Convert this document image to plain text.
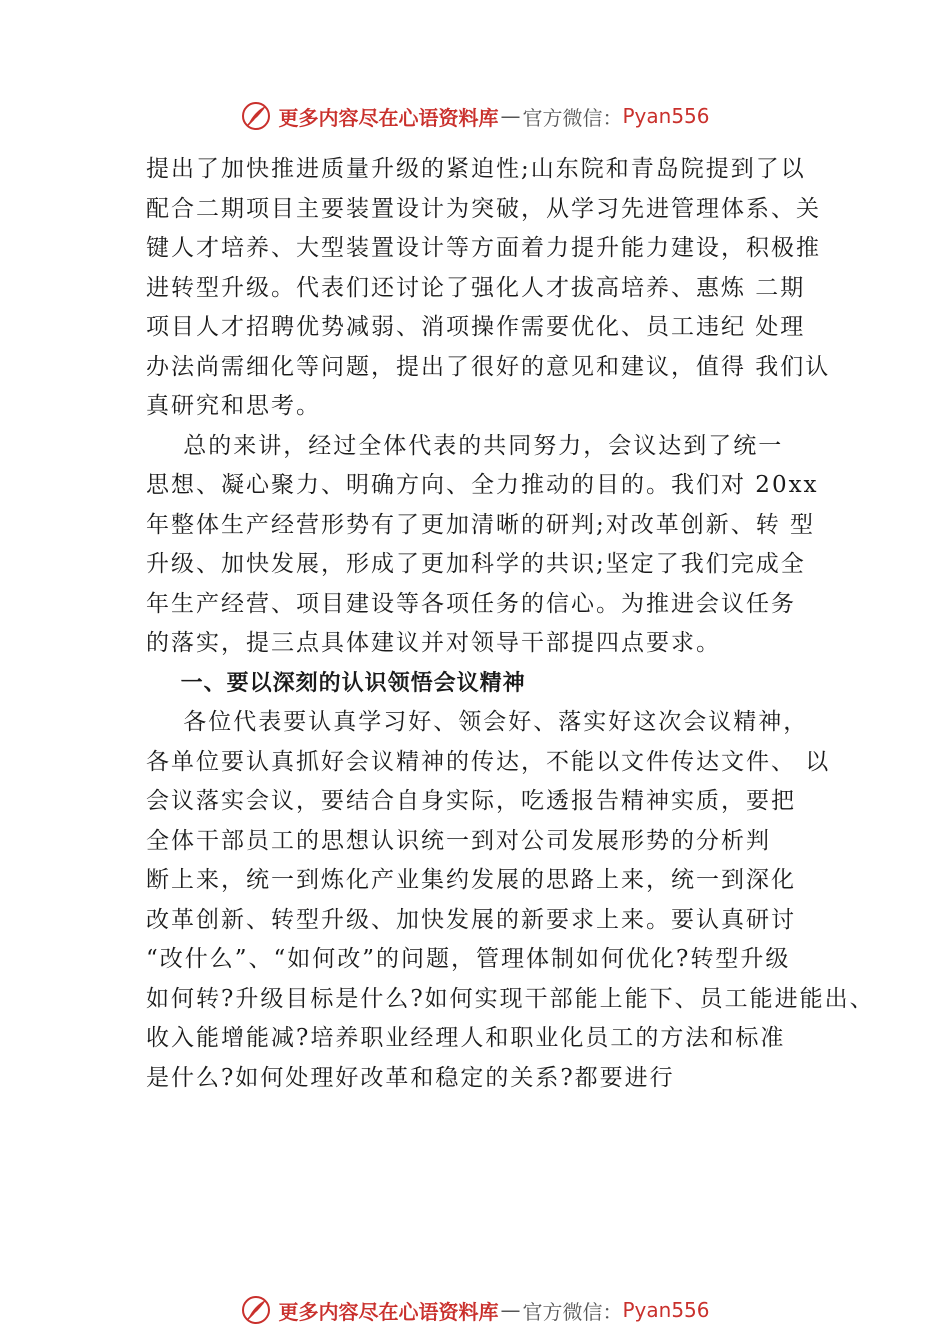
更多内容尽在心语资料库 — 官方微信： Pyan556
提出了加快推进质量升级的紧迫性;山东院和青岛院提到了以
配合二期项目主要装置设计为突破，从学习先进管理体系、关
键人才培养、大型装置设计等方面着力提升能力建设，积极推
进转型升级。代表们还讨论了强化人才拔高培养、惠炼 二期
项目人才招聘优势减弱、消项操作需要优化、员工违纪 处理
办法尚需细化等问题，提出了很好的意见和建议，值得 我们认
真研究和思考。
总的来讲，经过全体代表的共同努力，会议达到了统一
思想、凝心聚力、明确方向、全力推动的目的。我们对 20xx
年整体生产经营形势有了更加清晰的研判;对改革创新、转 型
升级、加快发展，形成了更加科学的共识;坚定了我们完成全
年生产经营、项目建设等各项任务的信心。为推进会议任务
的落实，提三点具体建议并对领导干部提四点要求。
一、要以深刻的认识领悟会议精神
各位代表要认真学习好、领会好、落实好这次会议精神，
各单位要认真抓好会议精神的传达，不能以文件传达文件、 以
会议落实会议，要结合自身实际，吃透报告精神实质，要把
全体干部员工的思想认识统一到对公司发展形势的分析判
断上来，统一到炼化产业集约发展的思路上来，统一到深化
改革创新、转型升级、加快发展的新要求上来。要认真研讨
“改什么”、“如何改”的问题，管理体制如何优化?转型升级
如何转?升级目标是什么?如何实现干部能上能下、员工能进能出、
收入能增能减?培养职业经理人和职业化员工的方法和标准
是什么?如何处理好改革和稳定的关系?都要进行
更多内容尽在心语资料库 — 官方微信： Pyan556
